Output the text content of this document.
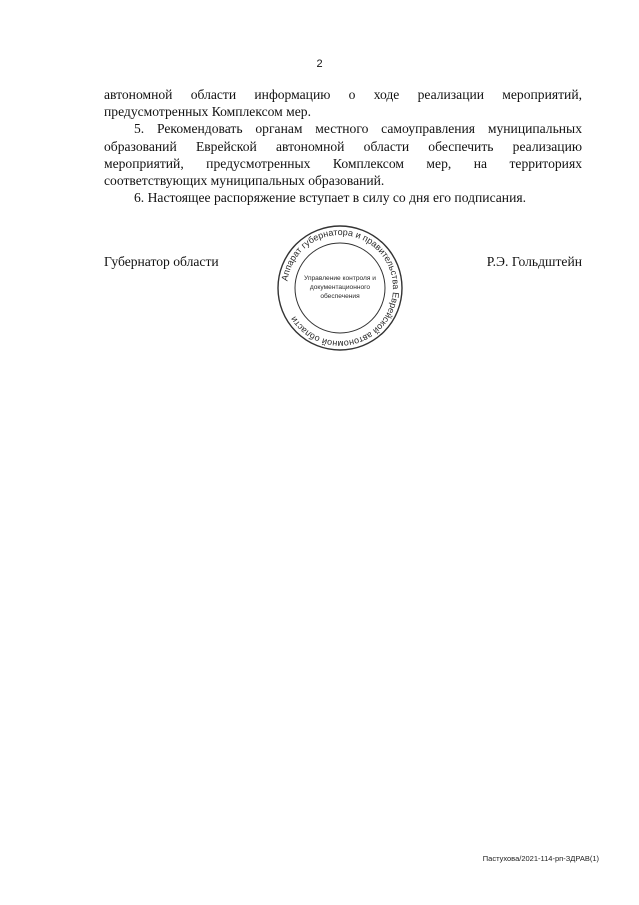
2

автономной области информацию о ходе реализации мероприятий, предусмотренных Комплексом мер.

5. Рекомендовать органам местного самоуправления муниципальных образований Еврейской автономной области обеспечить реализацию мероприятий, предусмотренных Комплексом мер, на территориях соответствующих муниципальных образований.

6. Настоящее распоряжение вступает в силу со дня его подписания.

Губернатор области	Р.Э. Гольдштейн
Аппарат губернатора и правительства Еврейской автономной области
Управление контроля и
документационного
обеспечения
Пастухова/2021-114-рп-ЗДРАВ(1)
